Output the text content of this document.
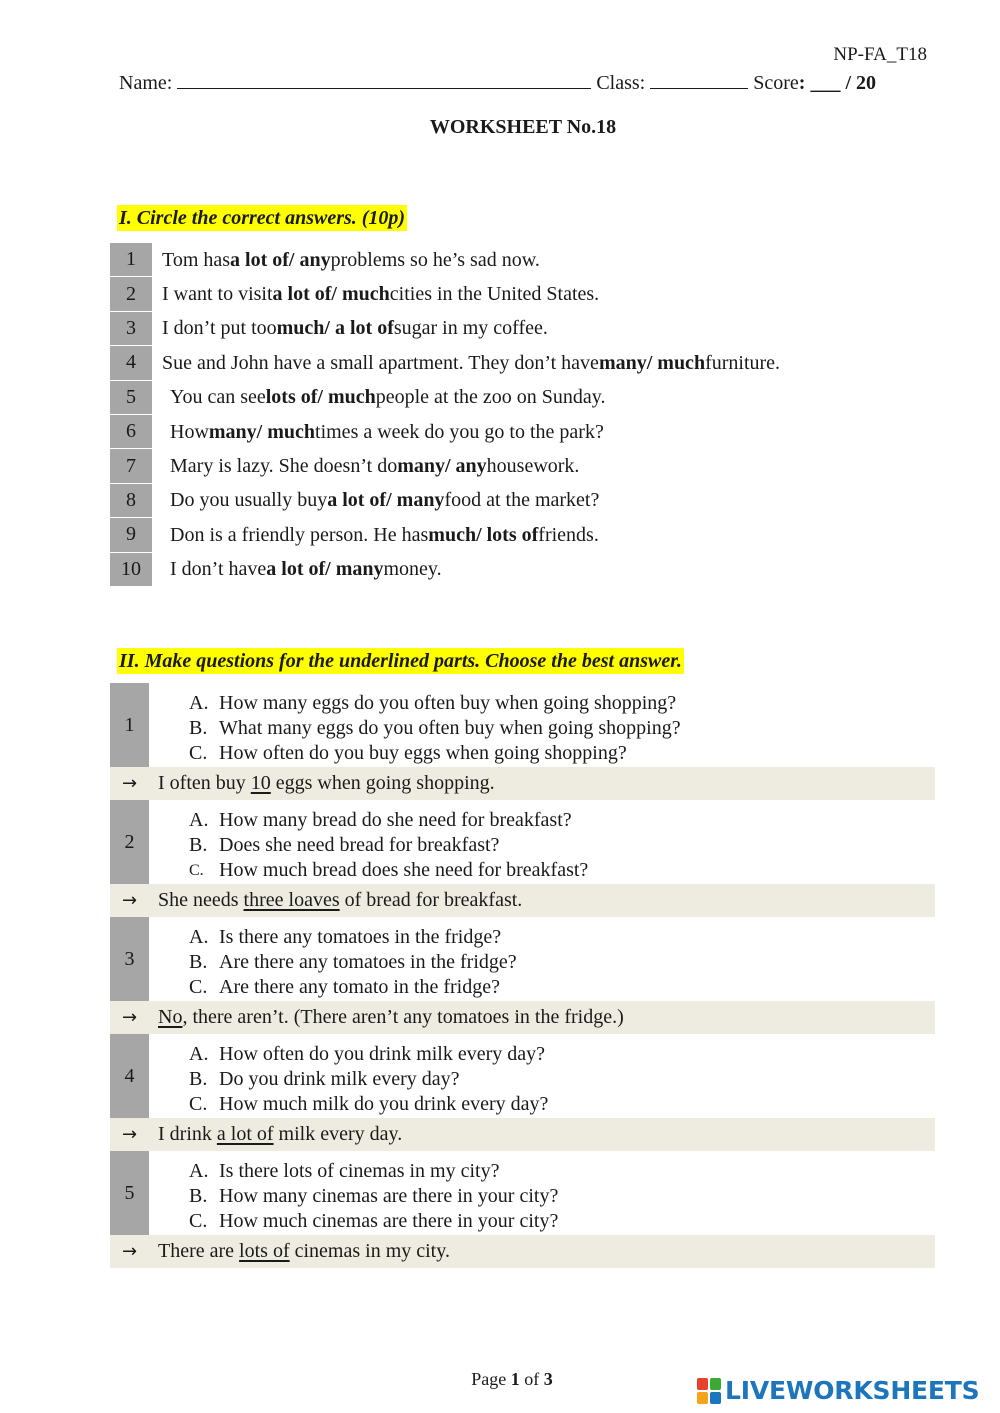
NP-FA_T18
Name:	Class:	Score: ___ / 20
WORKSHEET No.18
I. Circle the correct answers. (10p)
1	Tom has a lot of/ any problems so he’s sad now.
2	I want to visit a lot of/ much cities in the United States.
3	I don’t put too much/ a lot of sugar in my coffee.
4	Sue and John have a small apartment. They don’t have many/ much furniture.
5	You can see lots of/ much people at the zoo on Sunday.
6	How many/ much times a week do you go to the park?
7	Mary is lazy. She doesn’t do many/ any housework.
8	Do you usually buy a lot of/ many food at the market?
9	Don is a friendly person. He has much/ lots of friends.
10	I don’t have a lot of/ many money.
II. Make questions for the underlined parts. Choose the best answer.
1
A. How many eggs do you often buy when going shopping?
B. What many eggs do you often buy when going shopping?
C. How often do you buy eggs when going shopping?
→	I often buy 10 eggs when going shopping.
2
A. How many bread do she need for breakfast?
B. Does she need bread for breakfast?
C. How much bread does she need for breakfast?
→	She needs three loaves of bread for breakfast.
3
A. Is there any tomatoes in the fridge?
B. Are there any tomatoes in the fridge?
C. Are there any tomato in the fridge?
→	No, there aren’t. (There aren’t any tomatoes in the fridge.)
4
A. How often do you drink milk every day?
B. Do you drink milk every day?
C. How much milk do you drink every day?
→	I drink a lot of milk every day.
5
A. Is there lots of cinemas in my city?
B. How many cinemas are there in your city?
C. How much cinemas are there in your city?
→	There are lots of cinemas in my city.
Page 1 of 3	LIVEWORKSHEETS
